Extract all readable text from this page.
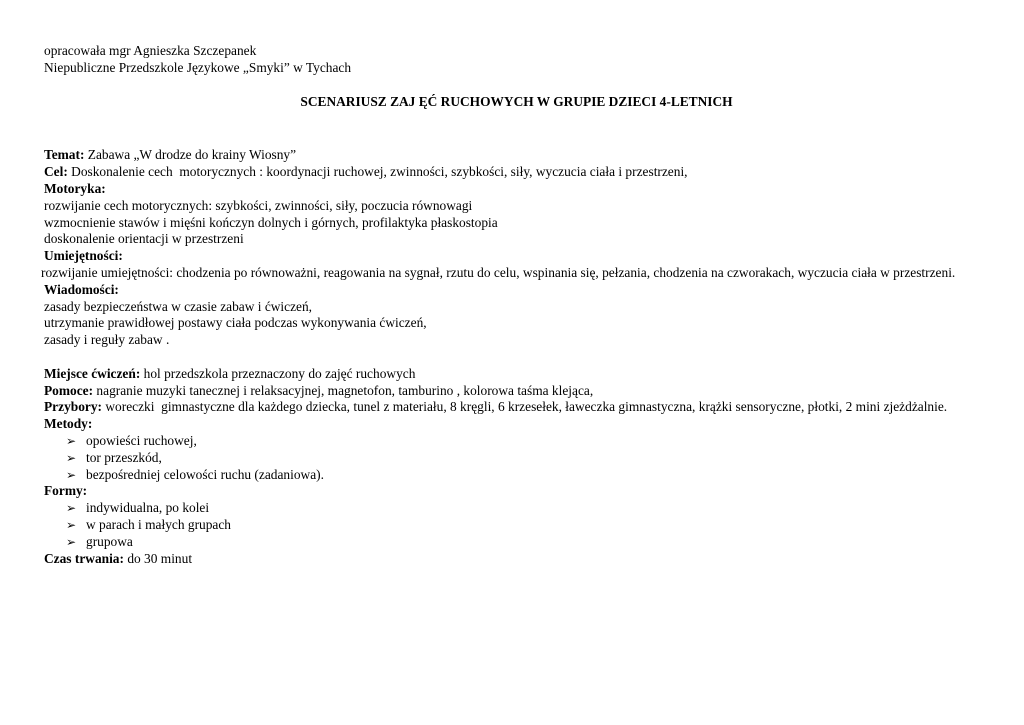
opracowała mgr Agnieszka Szczepanek
Niepubliczne Przedszkole Językowe „Smyki” w Tychach
SCENARIUSZ ZAJ ĘĆ RUCHOWYCH W GRUPIE DZIECI 4-LETNICH
Temat: Zabawa „W drodze do krainy Wiosny”
Cel: Doskonalenie cech  motorycznych : koordynacji ruchowej, zwinności, szybkości, siły, wyczucia ciała i przestrzeni,
Motoryka:
rozwijanie cech motorycznych: szybkości, zwinności, siły, poczucia równowagi
wzmocnienie stawów i mięśni kończyn dolnych i górnych, profilaktyka płaskostopia
doskonalenie orientacji w przestrzeni
Umiejętności:
rozwijanie umiejętności: chodzenia po równoważni, reagowania na sygnał, rzutu do celu, wspinania się, pełzania, chodzenia na czworakach, wyczucia ciała w przestrzeni.
Wiadomości:
zasady bezpieczeństwa w czasie zabaw i ćwiczeń,
utrzymanie prawidłowej postawy ciała podczas wykonywania ćwiczeń,
zasady i reguły zabaw .
Miejsce ćwiczeń: hol przedszkola przeznaczony do zajęć ruchowych
Pomoce: nagranie muzyki tanecznej i relaksacyjnej, magnetofon, tamburino , kolorowa taśma klejąca,
Przybory: woreczki  gimnastyczne dla każdego dziecka, tunel z materiału, 8 kręgli, 6 krzesełek, ławeczka gimnastyczna, krążki sensoryczne, płotki, 2 mini zjeżdżalnie.
Metody:
➢ opowieści ruchowej,
➢ tor przeszkód,
➢ bezpośredniej celowości ruchu (zadaniowa).
Formy:
➢ indywidualna, po kolei
➢ w parach i małych grupach
➢ grupowa
Czas trwania: do 30 minut
